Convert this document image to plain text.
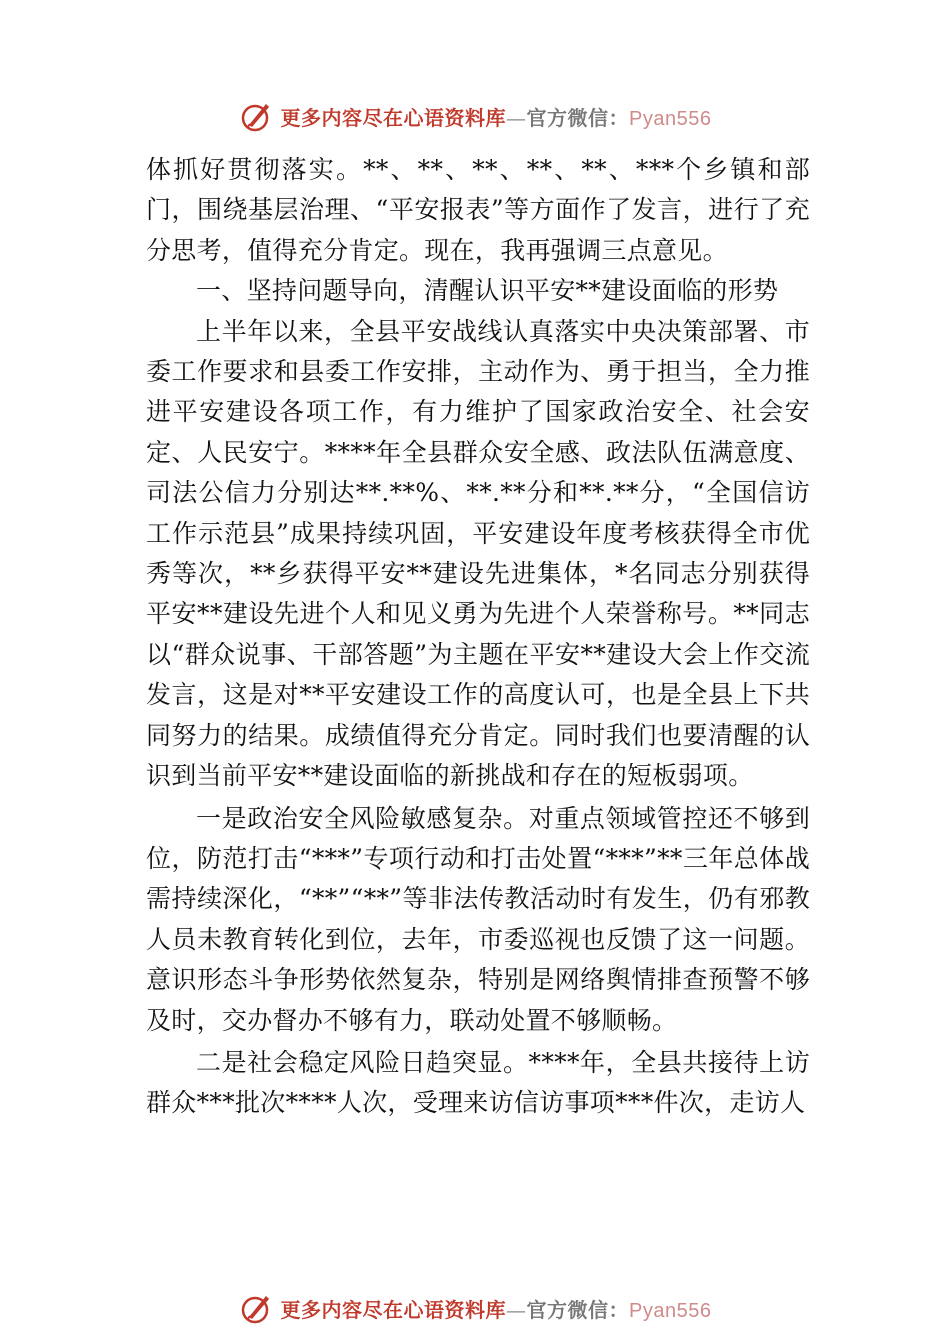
更多内容尽在心语资料库—官方微信：Pyan556

体抓好贯彻落实。**、**、**、**、**、***个乡镇和部门，围绕基层治理、“平安报表”等方面作了发言，进行了充分思考，值得充分肯定。现在，我再强调三点意见。

一、坚持问题导向，清醒认识平安**建设面临的形势

上半年以来，全县平安战线认真落实中央决策部署、市委工作要求和县委工作安排，主动作为、勇于担当，全力推进平安建设各项工作，有力维护了国家政治安全、社会安定、人民安宁。****年全县群众安全感、政法队伍满意度、司法公信力分别达**.**%、**.**分和**.**分，“全国信访工作示范县”成果持续巩固，平安建设年度考核获得全市优秀等次，**乡获得平安**建设先进集体，*名同志分别获得平安**建设先进个人和见义勇为先进个人荣誉称号。**同志以“群众说事、干部答题”为主题在平安**建设大会上作交流发言，这是对**平安建设工作的高度认可，也是全县上下共同努力的结果。成绩值得充分肯定。同时我们也要清醒的认识到当前平安**建设面临的新挑战和存在的短板弱项。

一是政治安全风险敏感复杂。对重点领域管控还不够到位，防范打击“***”专项行动和打击处置“***”**三年总体战需持续深化，“**”“**”等非法传教活动时有发生，仍有邪教人员未教育转化到位，去年，市委巡视也反馈了这一问题。意识形态斗争形势依然复杂，特别是网络舆情排查预警不够及时，交办督办不够有力，联动处置不够顺畅。

二是社会稳定风险日趋突显。****年，全县共接待上访群众***批次****人次，受理来访信访事项***件次，走访人

更多内容尽在心语资料库—官方微信：Pyan556
